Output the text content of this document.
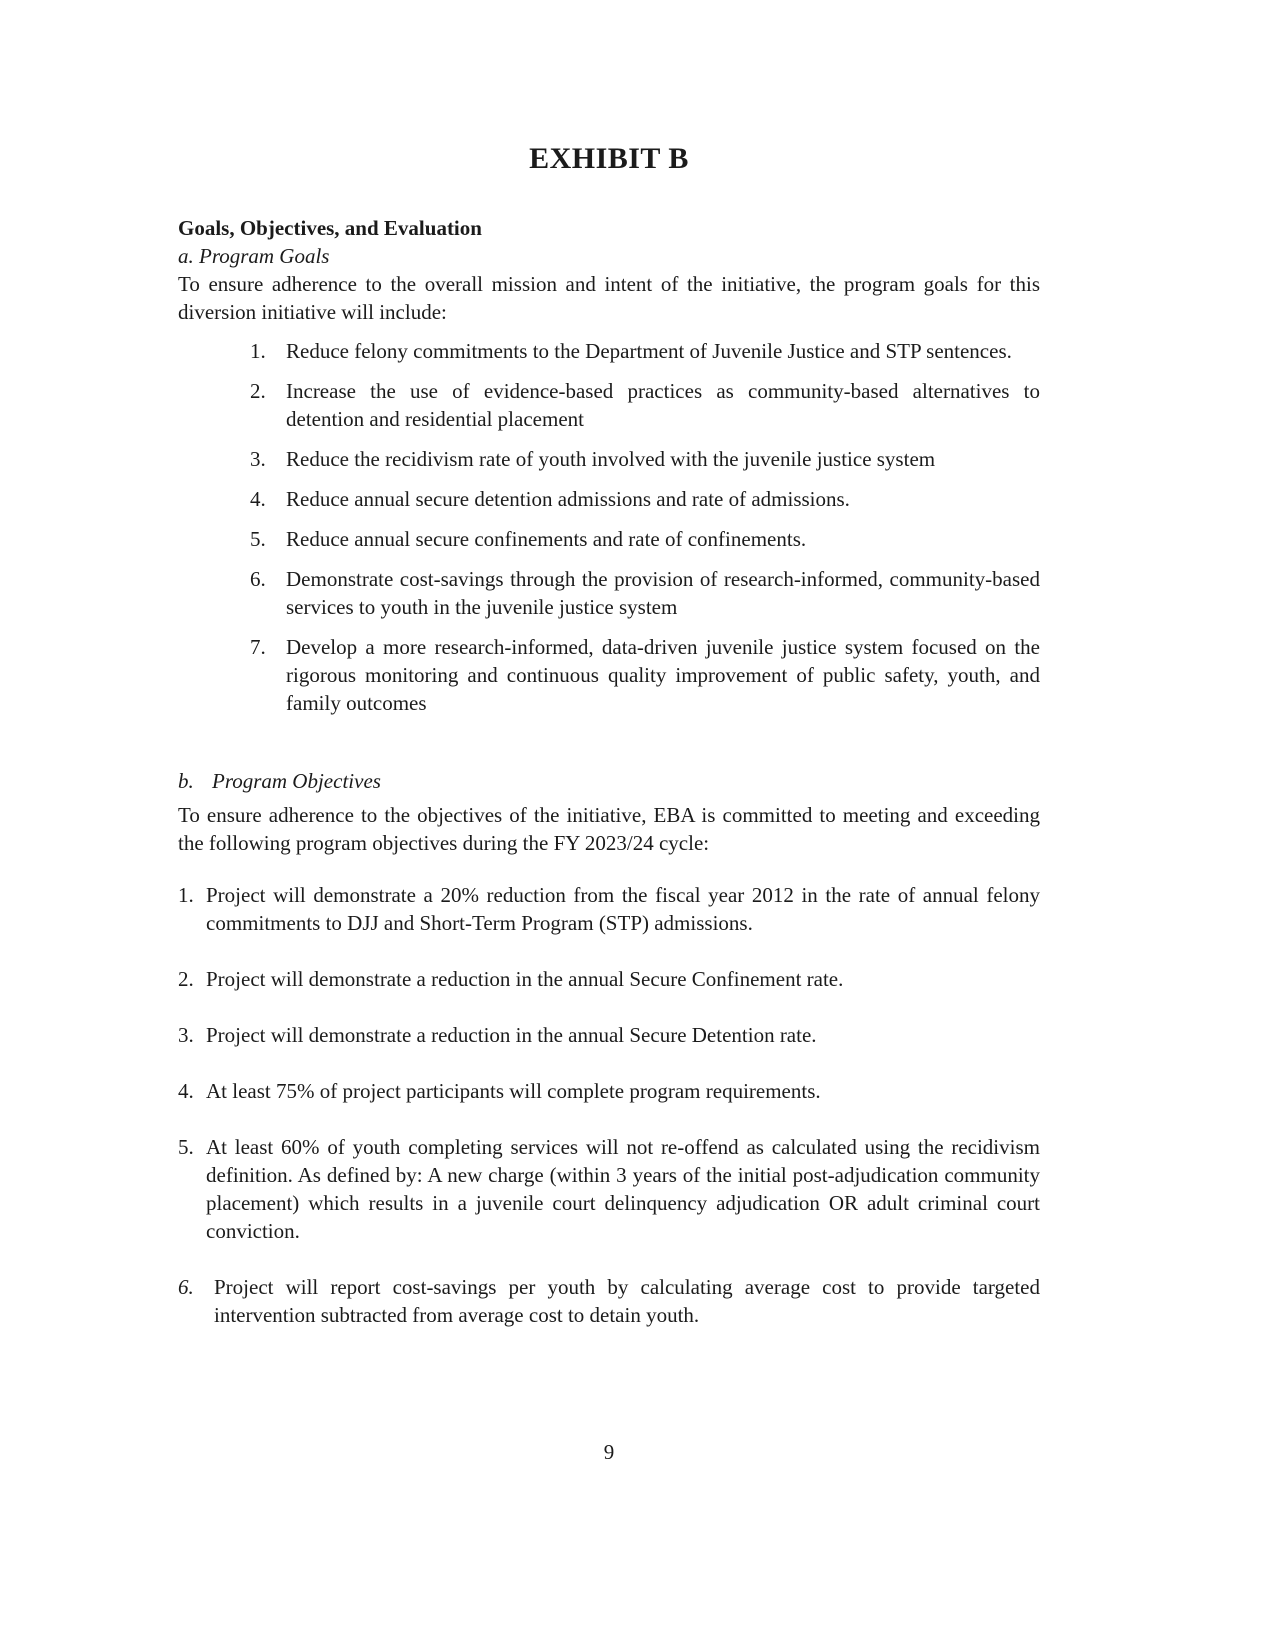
EXHIBIT B
Goals, Objectives, and Evaluation

a. Program Goals

To ensure adherence to the overall mission and intent of the initiative, the program goals for this diversion initiative will include:

1. Reduce felony commitments to the Department of Juvenile Justice and STP sentences.
2. Increase the use of evidence-based practices as community-based alternatives to detention and residential placement
3. Reduce the recidivism rate of youth involved with the juvenile justice system
4. Reduce annual secure detention admissions and rate of admissions.
5. Reduce annual secure confinements and rate of confinements.
6. Demonstrate cost-savings through the provision of research-informed, community-based services to youth in the juvenile justice system
7. Develop a more research-informed, data-driven juvenile justice system focused on the rigorous monitoring and continuous quality improvement of public safety, youth, and family outcomes

b. Program Objectives

To ensure adherence to the objectives of the initiative, EBA is committed to meeting and exceeding the following program objectives during the FY 2023/24 cycle:

1. Project will demonstrate a 20% reduction from the fiscal year 2012 in the rate of annual felony commitments to DJJ and Short-Term Program (STP) admissions.
2. Project will demonstrate a reduction in the annual Secure Confinement rate.
3. Project will demonstrate a reduction in the annual Secure Detention rate.
4. At least 75% of project participants will complete program requirements.
5. At least 60% of youth completing services will not re-offend as calculated using the recidivism definition. As defined by: A new charge (within 3 years of the initial post-adjudication community placement) which results in a juvenile court delinquency adjudication OR adult criminal court conviction.
6. Project will report cost-savings per youth by calculating average cost to provide targeted intervention subtracted from average cost to detain youth.
9
